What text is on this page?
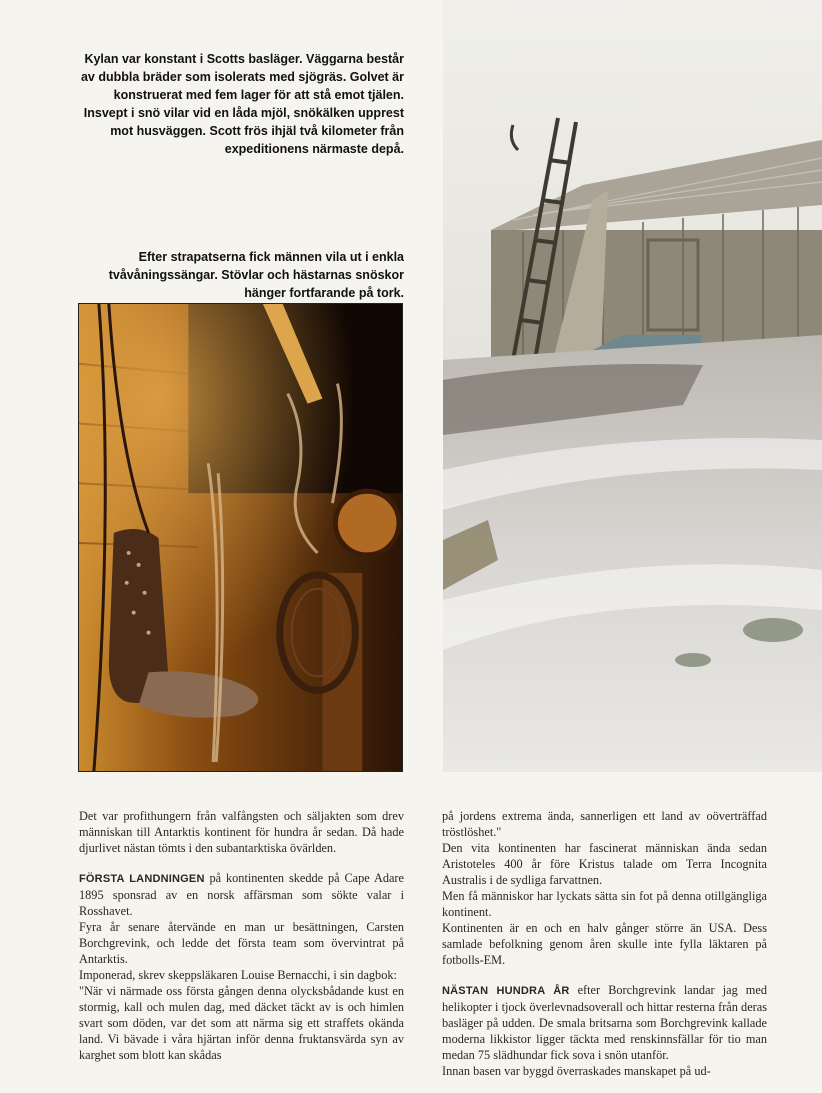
Kylan var konstant i Scotts basläger. Väggarna består av dubbla bräder som isolerats med sjögräs. Golvet är konstruerat med fem lager för att stå emot tjälen. Insvept i snö vilar vid en låda mjöl, snökälken upprest mot husväggen. Scott frös ihjäl två kilometer från expeditionens närmaste depå.

Efter strapatserna fick männen vila ut i enkla tvåvåningssängar. Stövlar och hästarnas snöskor hänger fortfarande på tork.

Det var profithungern från valfångsten och säljakten som drev människan till Antarktis kontinent för hundra år sedan. Då hade djurlivet nästan tömts i den subantarktiska övärlden.

FÖRSTA LANDNINGEN på kontinenten skedde på Cape Adare 1895 sponsrad av en norsk affärsman som sökte valar i Rosshavet.

Fyra år senare återvände en man ur besättningen, Carsten Borchgrevink, och ledde det första team som övervintrat på Antarktis.

Imponerad, skrev skeppsläkaren Louise Bernacchi, i sin dagbok:

"När vi närmade oss första gången denna olycksbådande kust en stormig, kall och mulen dag, med däcket täckt av is och himlen svart som döden, var det som att närma sig ett straffets okända land. Vi bävade i våra hjärtan inför denna fruktansvärda syn av karghet som blott kan skådas

på jordens extrema ända, sannerligen ett land av oöverträffad tröstlöshet."

Den vita kontinenten har fascinerat människan ända sedan Aristoteles 400 år före Kristus talade om Terra Incognita Australis i de sydliga farvattnen.

Men få människor har lyckats sätta sin fot på denna otillgängliga kontinent.

Kontinenten är en och en halv gånger större än USA. Dess samlade befolkning genom åren skulle inte fylla läktaren på fotbolls-EM.

NÄSTAN HUNDRA ÅR efter Borchgrevink landar jag med helikopter i tjock överlevnadsoverall och hittar resterna från deras basläger på udden. De smala britsarna som Borchgrevink kallade moderna likkistor ligger täckta med renskinnsfällar för tio man medan 75 slädhundar fick sova i snön utanför.

Innan basen var byggd överraskades manskapet på ud-
